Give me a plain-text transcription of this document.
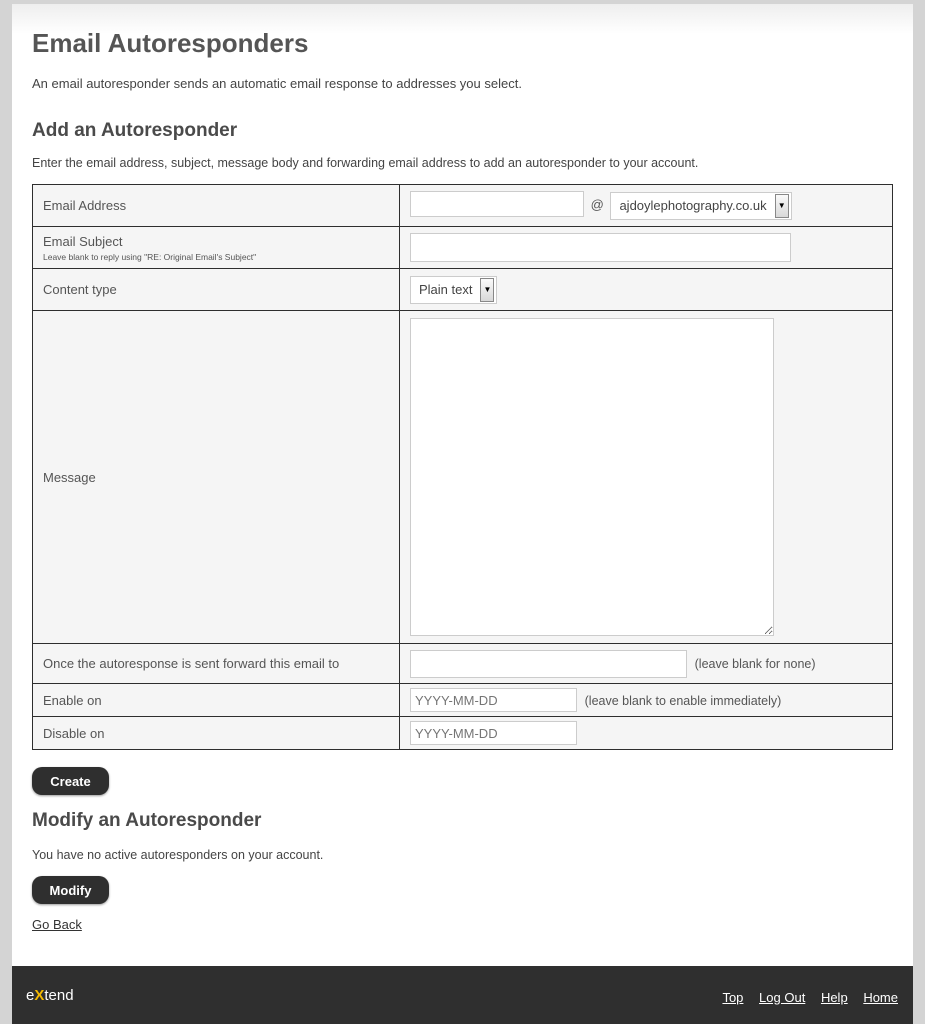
Email Autoresponders

An email autoresponder sends an automatic email response to addresses you select.

Add an Autoresponder

Enter the email address, subject, message body and forwarding email address to add an autoresponder to your account.

Email Address	@ ajdoylephotography.co.uk ▼

Email Subject
Leave blank to reply using "RE: Original Email's Subject"

Content type	Plain text ▼

Message	

Once the autoresponse is sent forward this email to	(leave blank for none)
Enable on	YYYY-MM-DD(leave blank to enable immediately)
Disable on	YYYY-MM-DD
Create
Modify an Autoresponder

You have no active autoresponders on your account.

Modify
Go Back
eXtend	Top Log Out Help Home
